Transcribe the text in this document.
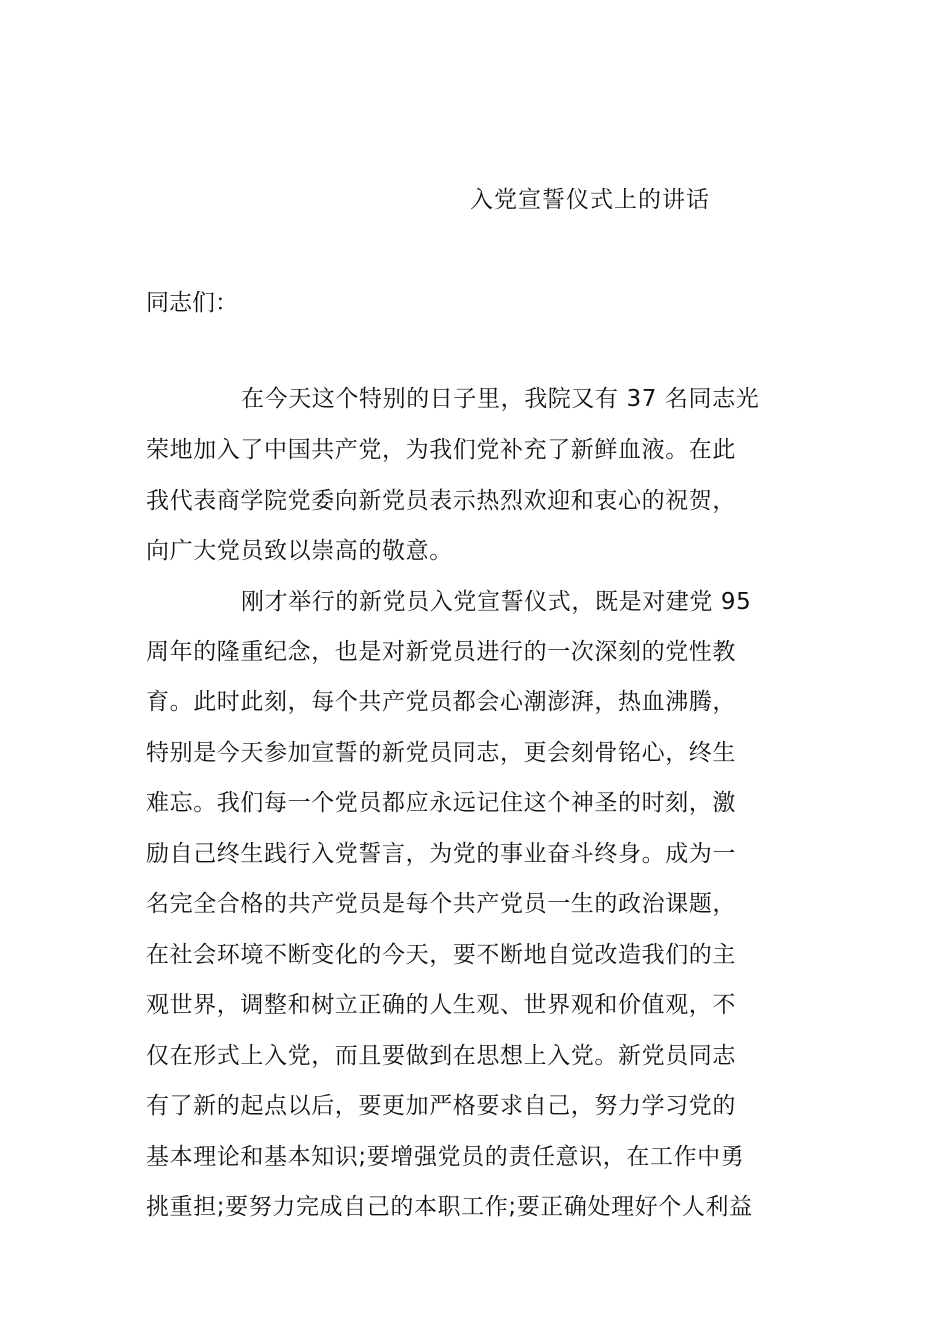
入党宣誓仪式上的讲话

同志们：

在今天这个特别的日子里，我院又有 37 名同志光

荣地加入了中国共产党，为我们党补充了新鲜血液。在此

我代表商学院党委向新党员表示热烈欢迎和衷心的祝贺，

向广大党员致以崇高的敬意。

刚才举行的新党员入党宣誓仪式，既是对建党 95

周年的隆重纪念，也是对新党员进行的一次深刻的党性教

育。此时此刻，每个共产党员都会心潮澎湃，热血沸腾，

特别是今天参加宣誓的新党员同志，更会刻骨铭心，终生

难忘。我们每一个党员都应永远记住这个神圣的时刻，激

励自己终生践行入党誓言，为党的事业奋斗终身。成为一

名完全合格的共产党员是每个共产党员一生的政治课题，

在社会环境不断变化的今天，要不断地自觉改造我们的主

观世界，调整和树立正确的人生观、世界观和价值观，不

仅在形式上入党，而且要做到在思想上入党。新党员同志

有了新的起点以后，要更加严格要求自己，努力学习党的

基本理论和基本知识;要增强党员的责任意识，在工作中勇

挑重担;要努力完成自己的本职工作;要正确处理好个人利益
